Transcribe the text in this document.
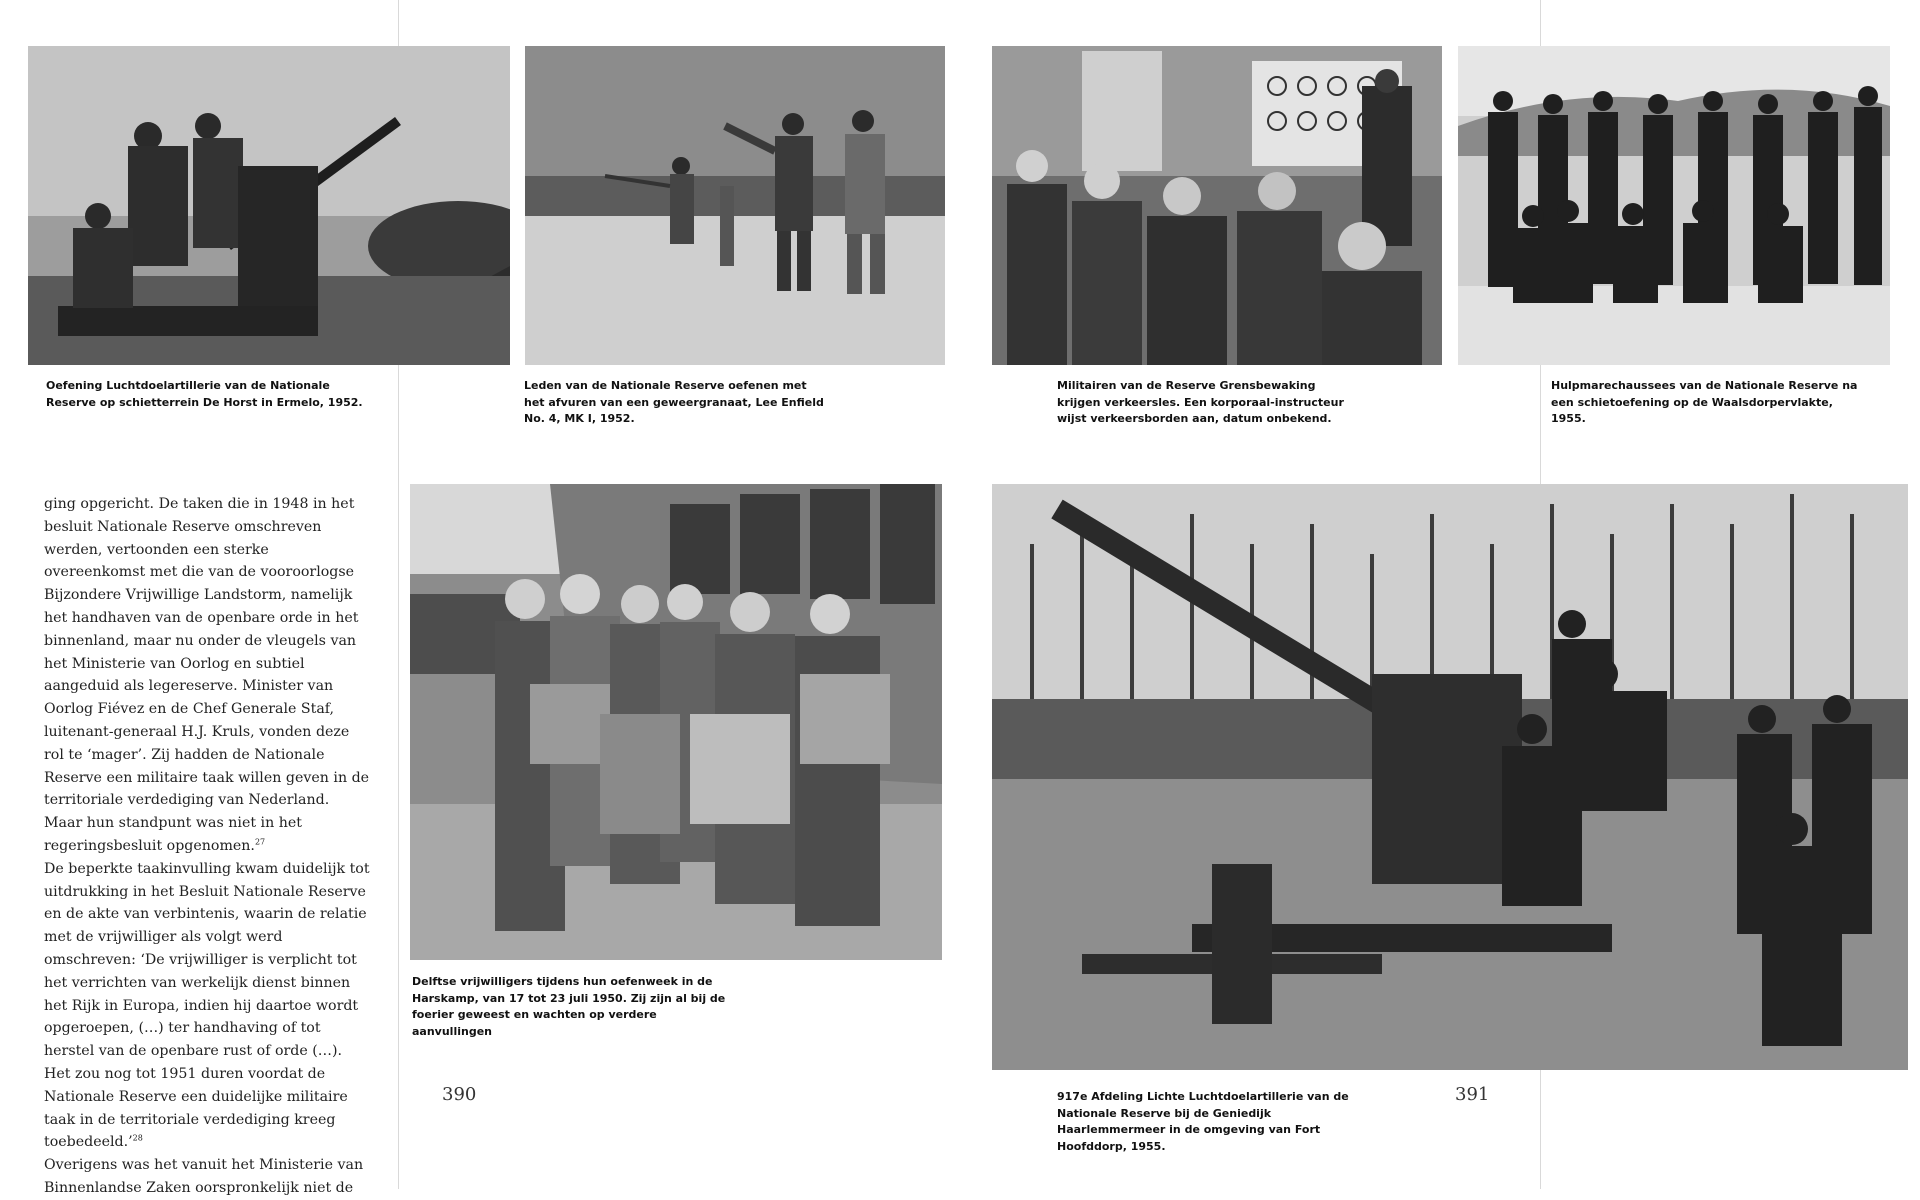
Oefening Luchtdoelartillerie van de Nationale Reserve op schietterrein De Horst in Ermelo, 1952.

Leden van de Nationale Reserve oefenen met het afvuren van een geweergranaat, Lee Enfield No. 4, MK I, 1952.

Militairen van de Reserve Grensbewaking krijgen verkeersles. Een korporaal-instructeur wijst verkeersborden aan, datum onbekend.

Hulpmarechaussees van de Nationale Reserve na een schietoefening op de Waalsdorpervlakte, 1955.

ging opgericht. De taken die in 1948 in het besluit Nationale Reserve omschreven werden, vertoonden een sterke overeenkomst met die van de vooroorlogse Bijzondere Vrijwillige Landstorm, namelijk het handhaven van de openbare orde in het binnenland, maar nu onder de vleugels van het Ministerie van Oorlog en subtiel aangeduid als legereserve. Minister van Oorlog Fiévez en de Chef Generale Staf, luitenant-generaal H.J. Kruls, vonden deze rol te ‘mager’. Zij hadden de Nationale Reserve een militaire taak willen geven in de territoriale verdediging van Nederland. Maar hun standpunt was niet in het regeringsbesluit opgenomen.$^{27}$

De beperkte taakinvulling kwam duidelijk tot uitdrukking in het Besluit Nationale Reserve en de akte van verbintenis, waarin de relatie met de vrijwilliger als volgt werd omschreven: ‘De vrijwilliger is verplicht tot het verrichten van werkelijk dienst binnen het Rijk in Europa, indien hij daartoe wordt opgeroepen, (…) ter handhaving of tot herstel van de openbare rust of orde (…). Het zou nog tot 1951 duren voordat de Nationale Reserve een duidelijke militaire taak in de territoriale verdediging kreeg toebedeeld.’$^{28}$

Overigens was het vanuit het Ministerie van Binnenlandse Zaken oorspronkelijk niet de

Delftse vrijwilligers tijdens hun oefenweek in de Harskamp, van 17 tot 23 juli 1950. Zij zijn al bij de foerier geweest en wachten op verdere aanvullingen

917e Afdeling Lichte Luchtdoelartillerie van de Nationale Reserve bij de Geniedijk Haarlemmermeer in de omgeving van Fort Hoofddorp, 1955.

390	391
